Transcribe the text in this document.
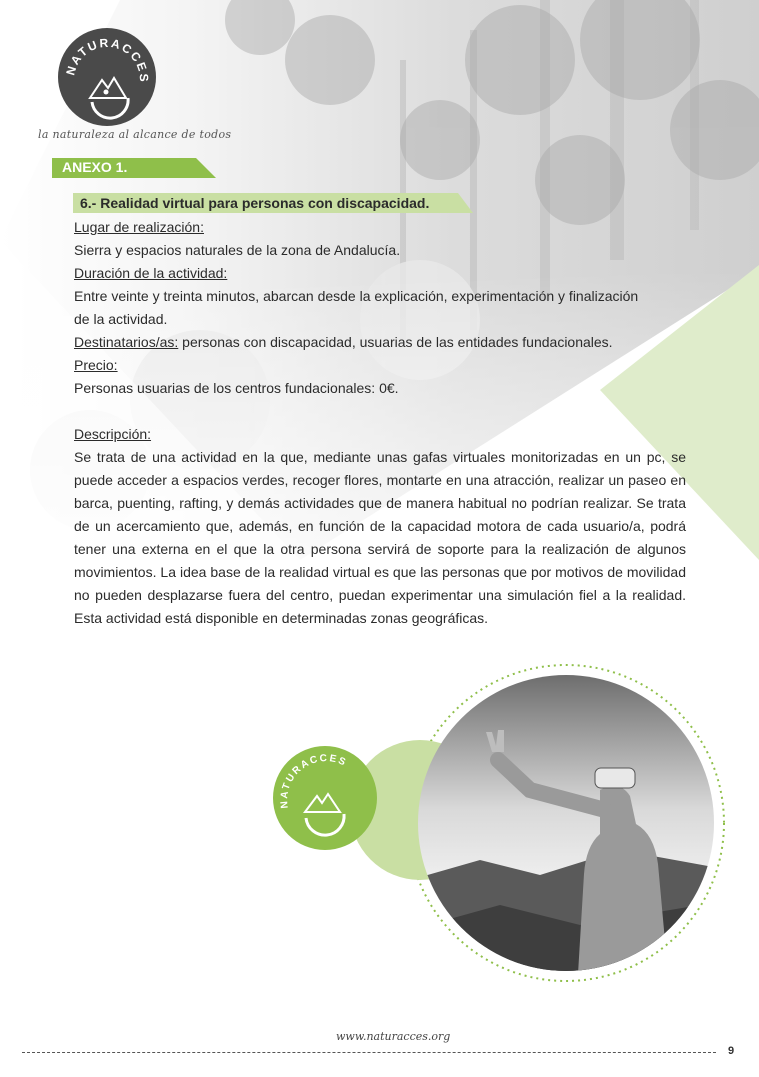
NATURACCES
la naturaleza al alcance de todos
ANEXO 1.
6.- Realidad virtual para personas con discapacidad.

Lugar de realización:

Sierra y espacios naturales de la zona de Andalucía.

Duración de la actividad:

Entre veinte y treinta minutos, abarcan desde la explicación, experimentación y finalización

de la actividad.

Destinatarios/as: personas con discapacidad, usuarias de las entidades fundacionales.

Precio:

Personas usuarias de los centros fundacionales: 0€.

Descripción:

Se trata de una actividad en la que, mediante unas gafas virtuales monitorizadas en un pc, se puede acceder a espacios verdes, recoger flores, montarte en una atracción, realizar un paseo en barca, puenting, rafting, y demás actividades que de manera habitual no podrían realizar. Se trata de un acercamiento que, además, en función de la capacidad motora de cada usuario/a, podrá tener una externa en el que la otra persona servirá de soporte para la realización de algunos movimientos. La idea base de la realidad virtual es que las personas que por motivos de movilidad no pueden desplazarse fuera del centro, puedan experimentar una simulación fiel a la realidad. Esta actividad está disponible en determinadas zonas geográficas.

NATURACCES
www.naturacces.org
9
